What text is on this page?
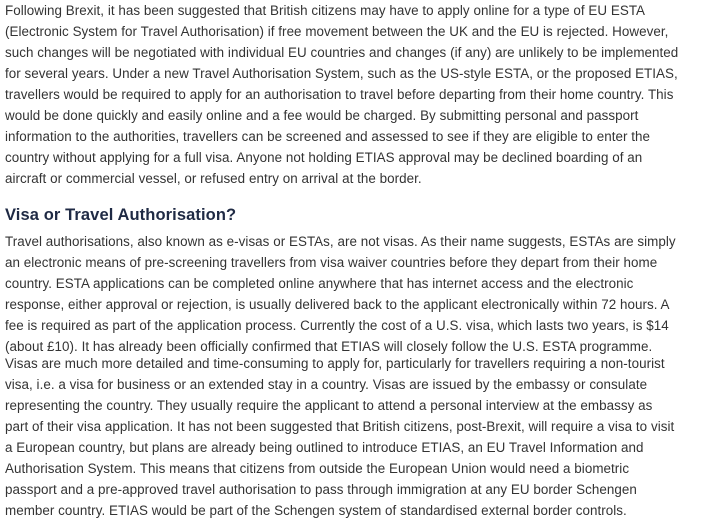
Following Brexit, it has been suggested that British citizens may have to apply online for a type of EU ESTA
(Electronic System for Travel Authorisation) if free movement between the UK and the EU is rejected. However,
such changes will be negotiated with individual EU countries and changes (if any) are unlikely to be implemented
for several years. Under a new Travel Authorisation System, such as the US-style ESTA, or the proposed ETIAS,
travellers would be required to apply for an authorisation to travel before departing from their home country. This
would be done quickly and easily online and a fee would be charged. By submitting personal and passport
information to the authorities, travellers can be screened and assessed to see if they are eligible to enter the
country without applying for a full visa. Anyone not holding ETIAS approval may be declined boarding of an
aircraft or commercial vessel, or refused entry on arrival at the border.

Visa or Travel Authorisation?

Travel authorisations, also known as e-visas or ESTAs, are not visas. As their name suggests, ESTAs are simply
an electronic means of pre-screening travellers from visa waiver countries before they depart from their home
country. ESTA applications can be completed online anywhere that has internet access and the electronic
response, either approval or rejection, is usually delivered back to the applicant electronically within 72 hours. A
fee is required as part of the application process. Currently the cost of a U.S. visa, which lasts two years, is $14
(about £10). It has already been officially confirmed that ETIAS will closely follow the U.S. ESTA programme.

Visas are much more detailed and time-consuming to apply for, particularly for travellers requiring a non-tourist
visa, i.e. a visa for business or an extended stay in a country. Visas are issued by the embassy or consulate
representing the country. They usually require the applicant to attend a personal interview at the embassy as
part of their visa application. It has not been suggested that British citizens, post-Brexit, will require a visa to visit
a European country, but plans are already being outlined to introduce ETIAS, an EU Travel Information and
Authorisation System. This means that citizens from outside the European Union would need a biometric
passport and a pre-approved travel authorisation to pass through immigration at any EU border Schengen
member country. ETIAS would be part of the Schengen system of standardised external border controls.
